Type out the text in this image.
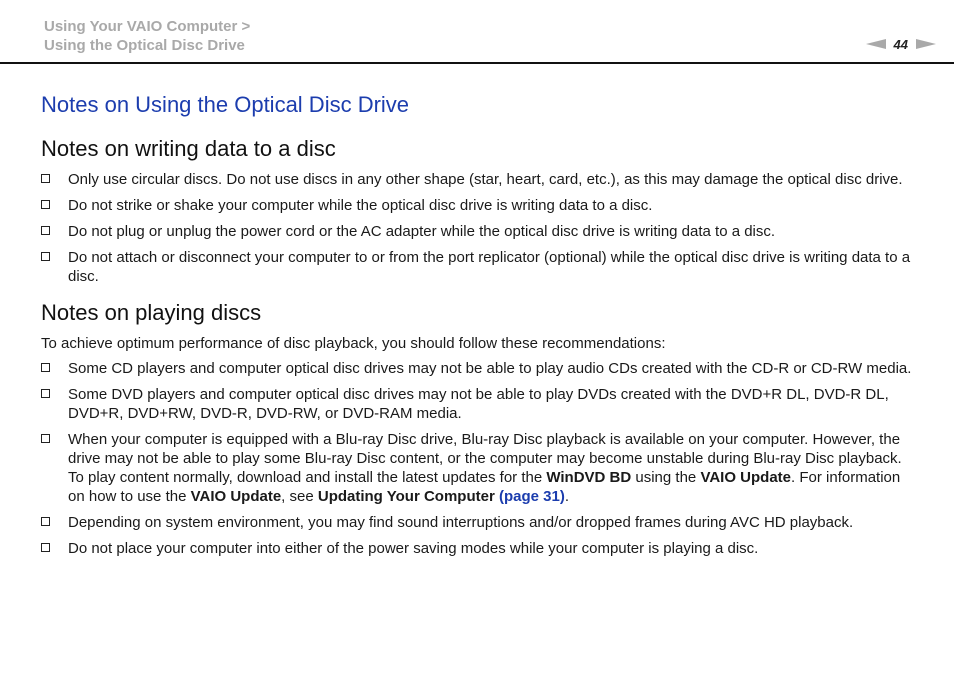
Using Your VAIO Computer >
Using the Optical Disc Drive	44
Notes on Using the Optical Disc Drive
Notes on writing data to a disc
Only use circular discs. Do not use discs in any other shape (star, heart, card, etc.), as this may damage the optical disc drive.
Do not strike or shake your computer while the optical disc drive is writing data to a disc.
Do not plug or unplug the power cord or the AC adapter while the optical disc drive is writing data to a disc.
Do not attach or disconnect your computer to or from the port replicator (optional) while the optical disc drive is writing data to a disc.
Notes on playing discs

To achieve optimum performance of disc playback, you should follow these recommendations:

Some CD players and computer optical disc drives may not be able to play audio CDs created with the CD-R or CD-RW media.
Some DVD players and computer optical disc drives may not be able to play DVDs created with the DVD+R DL, DVD-R DL, DVD+R, DVD+RW, DVD-R, DVD-RW, or DVD-RAM media.
When your computer is equipped with a Blu-ray Disc drive, Blu-ray Disc playback is available on your computer. However, the drive may not be able to play some Blu-ray Disc content, or the computer may become unstable during Blu-ray Disc playback. To play content normally, download and install the latest updates for the WinDVD BD using the VAIO Update. For information on how to use the VAIO Update, see Updating Your Computer (page 31).
Depending on system environment, you may find sound interruptions and/or dropped frames during AVC HD playback.
Do not place your computer into either of the power saving modes while your computer is playing a disc.
